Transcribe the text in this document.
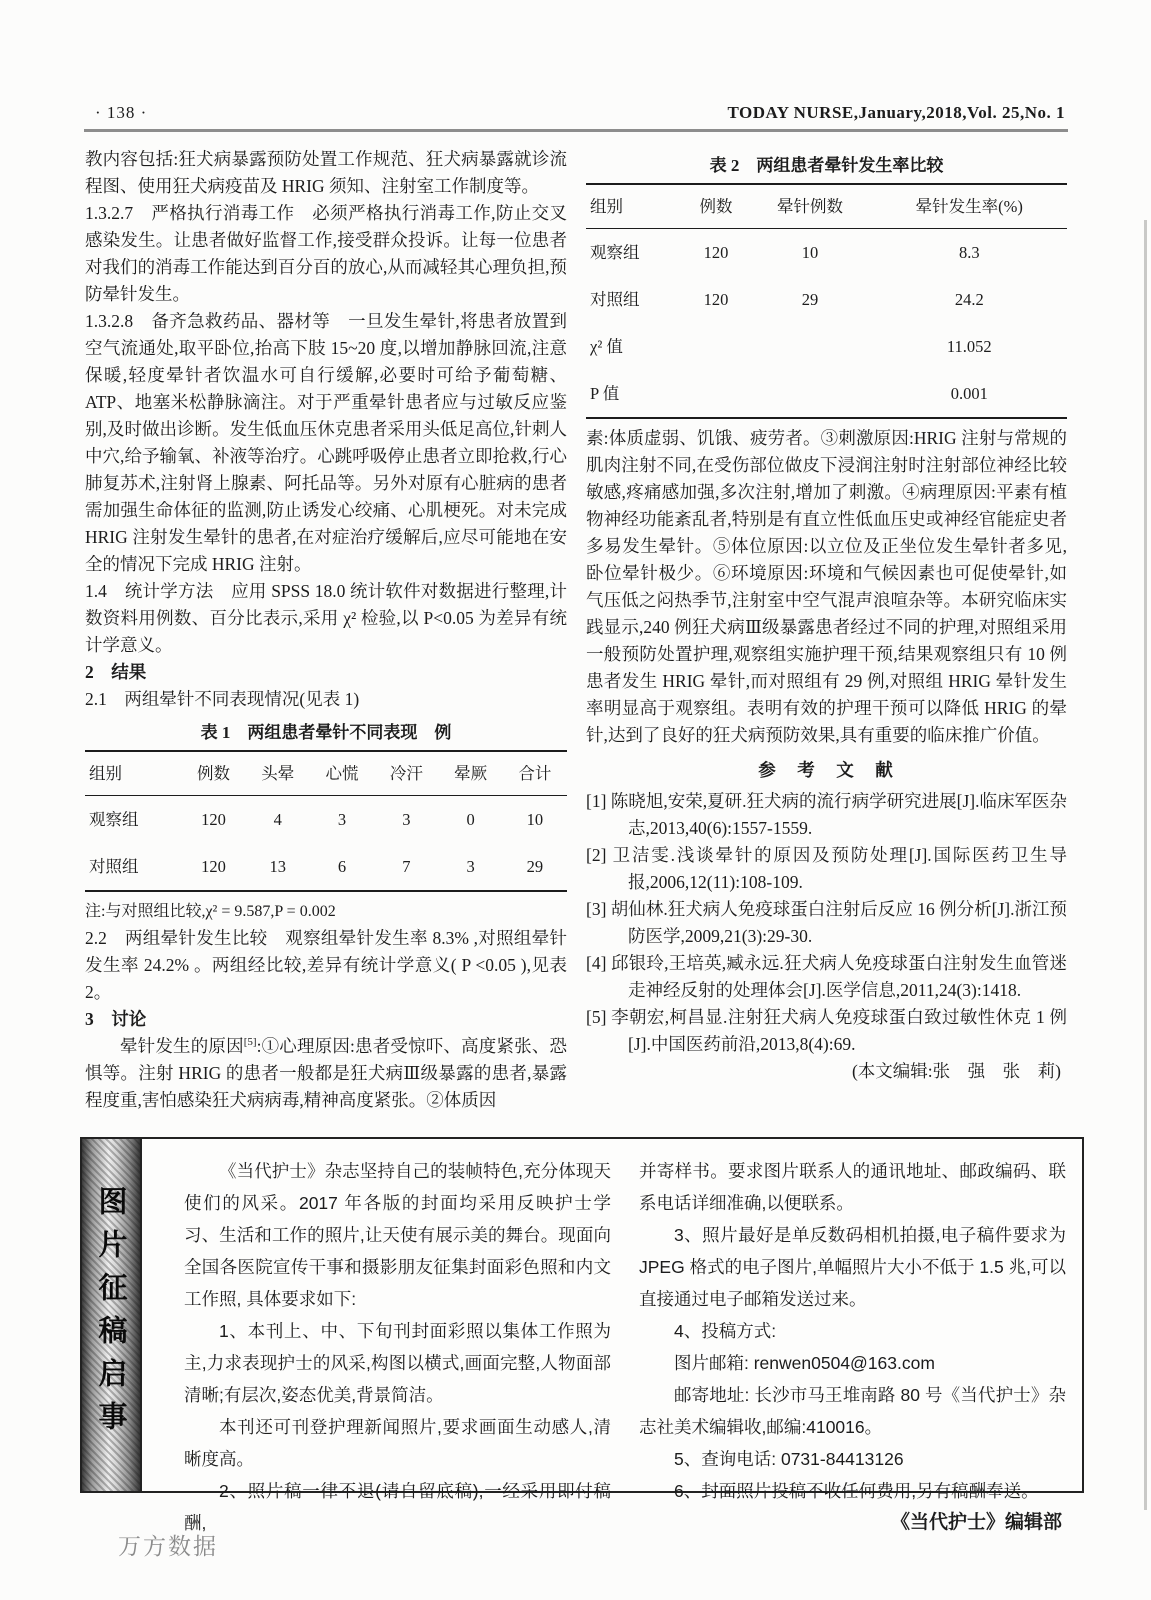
· 138 ·	TODAY NURSE,January,2018,Vol. 25,No. 1

教内容包括:狂犬病暴露预防处置工作规范、狂犬病暴露就诊流程图、使用狂犬病疫苗及 HRIG 须知、注射室工作制度等。

1.3.2.7　严格执行消毒工作　必须严格执行消毒工作,防止交叉感染发生。让患者做好监督工作,接受群众投诉。让每一位患者对我们的消毒工作能达到百分百的放心,从而减轻其心理负担,预防晕针发生。

1.3.2.8　备齐急救药品、器材等　一旦发生晕针,将患者放置到空气流通处,取平卧位,抬高下肢 15~20 度,以增加静脉回流,注意保暖,轻度晕针者饮温水可自行缓解,必要时可给予葡萄糖、ATP、地塞米松静脉滴注。对于严重晕针患者应与过敏反应鉴别,及时做出诊断。发生低血压休克患者采用头低足高位,针刺人中穴,给予输氧、补液等治疗。心跳呼吸停止患者立即抢救,行心肺复苏术,注射肾上腺素、阿托品等。另外对原有心脏病的患者需加强生命体征的监测,防止诱发心绞痛、心肌梗死。对未完成 HRIG 注射发生晕针的患者,在对症治疗缓解后,应尽可能地在安全的情况下完成 HRIG 注射。

1.4　统计学方法　应用 SPSS 18.0 统计软件对数据进行整理,计数资料用例数、百分比表示,采用 χ² 检验,以 P<0.05 为差异有统计学意义。

2　结果

2.1　两组晕针不同表现情况(见表 1)

表 1　两组患者晕针不同表现　例
组别	例数	头晕	心慌	冷汗	晕厥	合计
观察组	120	4	3	3	0	10
对照组	120	13	6	7	3	29

注:与对照组比较,χ² = 9.587,P = 0.002

2.2　两组晕针发生比较　观察组晕针发生率 8.3% ,对照组晕针发生率 24.2% 。两组经比较,差异有统计学意义( P <0.05 ),见表 2。

3　讨论

晕针发生的原因[5]:①心理原因:患者受惊吓、高度紧张、恐惧等。注射 HRIG 的患者一般都是狂犬病Ⅲ级暴露的患者,暴露程度重,害怕感染狂犬病病毒,精神高度紧张。②体质因

表 2　两组患者晕针发生率比较
组别	例数	晕针例数	晕针发生率(%)
观察组	120	10	8.3
对照组	120	29	24.2
χ² 值			11.052
P 值			0.001

素:体质虚弱、饥饿、疲劳者。③刺激原因:HRIG 注射与常规的肌肉注射不同,在受伤部位做皮下浸润注射时注射部位神经比较敏感,疼痛感加强,多次注射,增加了刺激。④病理原因:平素有植物神经功能紊乱者,特别是有直立性低血压史或神经官能症史者多易发生晕针。⑤体位原因:以立位及正坐位发生晕针者多见,卧位晕针极少。⑥环境原因:环境和气候因素也可促使晕针,如气压低之闷热季节,注射室中空气混声浪喧杂等。本研究临床实践显示,240 例狂犬病Ⅲ级暴露患者经过不同的护理,对照组采用一般预防处置护理,观察组实施护理干预,结果观察组只有 10 例患者发生 HRIG 晕针,而对照组有 29 例,对照组 HRIG 晕针发生率明显高于观察组。表明有效的护理干预可以降低 HRIG 的晕针,达到了良好的狂犬病预防效果,具有重要的临床推广价值。

参　考　文　献

[1] 陈晓旭,安荣,夏研.狂犬病的流行病学研究进展[J].临床军医杂志,2013,40(6):1557-1559.

[2] 卫洁雯.浅谈晕针的原因及预防处理[J].国际医药卫生导报,2006,12(11):108-109.

[3] 胡仙林.狂犬病人免疫球蛋白注射后反应 16 例分析[J].浙江预防医学,2009,21(3):29-30.

[4] 邱银玲,王培英,臧永远.狂犬病人免疫球蛋白注射发生血管迷走神经反射的处理体会[J].医学信息,2011,24(3):1418.

[5] 李朝宏,柯昌显.注射狂犬病人免疫球蛋白致过敏性休克 1 例[J].中国医药前沿,2013,8(4):69.

(本文编辑:张　强　张　莉)

图片征稿启事

《当代护士》杂志坚持自己的装帧特色,充分体现天使们的风采。2017 年各版的封面均采用反映护士学习、生活和工作的照片,让天使有展示美的舞台。现面向全国各医院宣传干事和摄影朋友征集封面彩色照和内文工作照, 具体要求如下:

1、本刊上、中、下旬刊封面彩照以集体工作照为主,力求表现护士的风采,构图以横式,画面完整,人物面部清晰;有层次,姿态优美,背景简洁。

本刊还可刊登护理新闻照片,要求画面生动感人,清晰度高。

2、照片稿一律不退(请自留底稿),一经采用即付稿酬,

并寄样书。要求图片联系人的通讯地址、邮政编码、联系电话详细准确,以便联系。

3、照片最好是单反数码相机拍摄,电子稿件要求为 JPEG 格式的电子图片,单幅照片大小不低于 1.5 兆,可以直接通过电子邮箱发送过来。

4、投稿方式:

图片邮箱: renwen0504@163.com

邮寄地址: 长沙市马王堆南路 80 号《当代护士》杂志社美术编辑收,邮编:410016。

5、查询电话: 0731-84413126

6、封面照片投稿不收任何费用,另有稿酬奉送。

《当代护士》编辑部

万方数据
